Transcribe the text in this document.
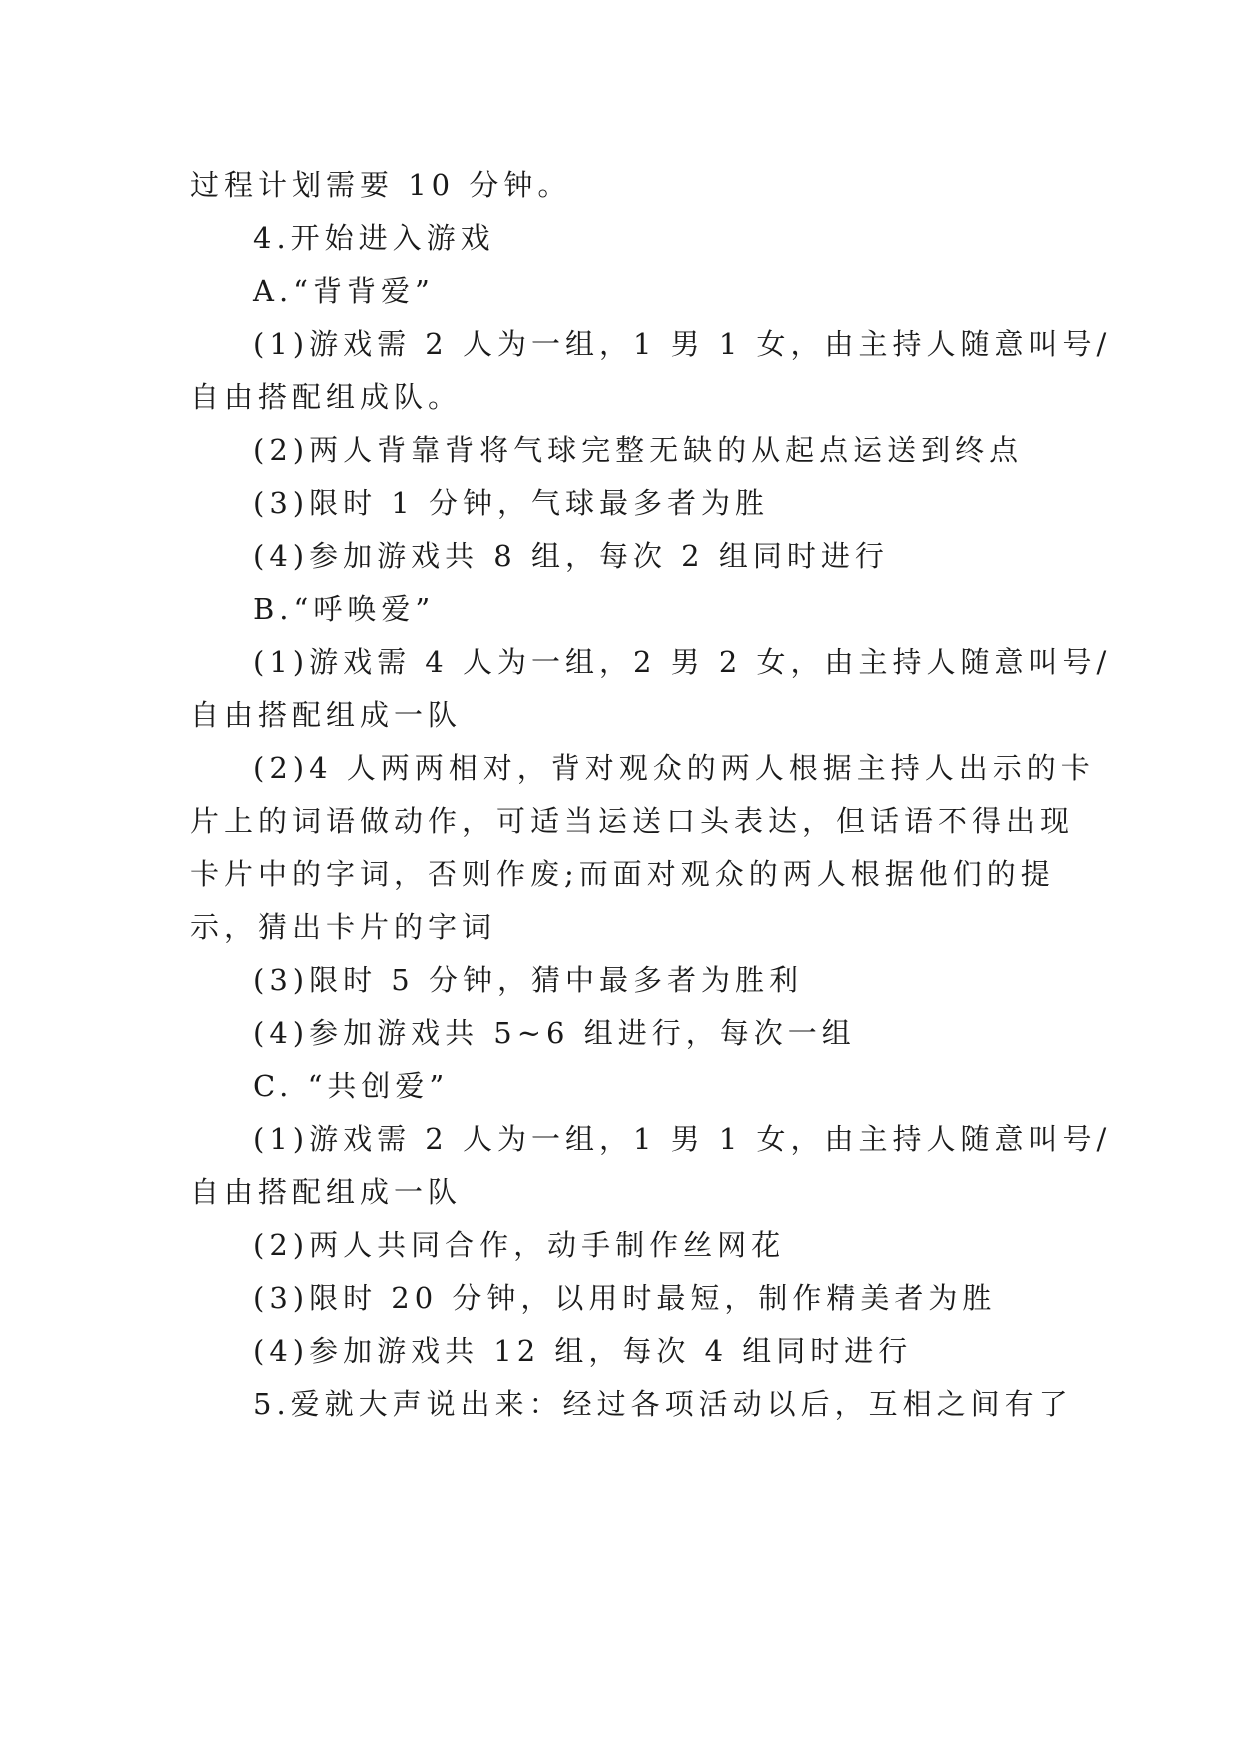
过程计划需要 10 分钟。
4.开始进入游戏
A.“背背爱”
(1)游戏需 2 人为一组，1 男 1 女，由主持人随意叫号/
自由搭配组成队。
(2)两人背靠背将气球完整无缺的从起点运送到终点
(3)限时 1 分钟，气球最多者为胜
(4)参加游戏共 8 组，每次 2 组同时进行
B.“呼唤爱”
(1)游戏需 4 人为一组，2 男 2 女，由主持人随意叫号/
自由搭配组成一队
(2)4 人两两相对，背对观众的两人根据主持人出示的卡
片上的词语做动作，可适当运送口头表达，但话语不得出现
卡片中的字词，否则作废;而面对观众的两人根据他们的提
示，猜出卡片的字词
(3)限时 5 分钟，猜中最多者为胜利
(4)参加游戏共 5~6 组进行，每次一组
C. “共创爱”
(1)游戏需 2 人为一组，1 男 1 女，由主持人随意叫号/
自由搭配组成一队
(2)两人共同合作，动手制作丝网花
(3)限时 20 分钟，以用时最短，制作精美者为胜
(4)参加游戏共 12 组，每次 4 组同时进行
5.爱就大声说出来：经过各项活动以后，互相之间有了
